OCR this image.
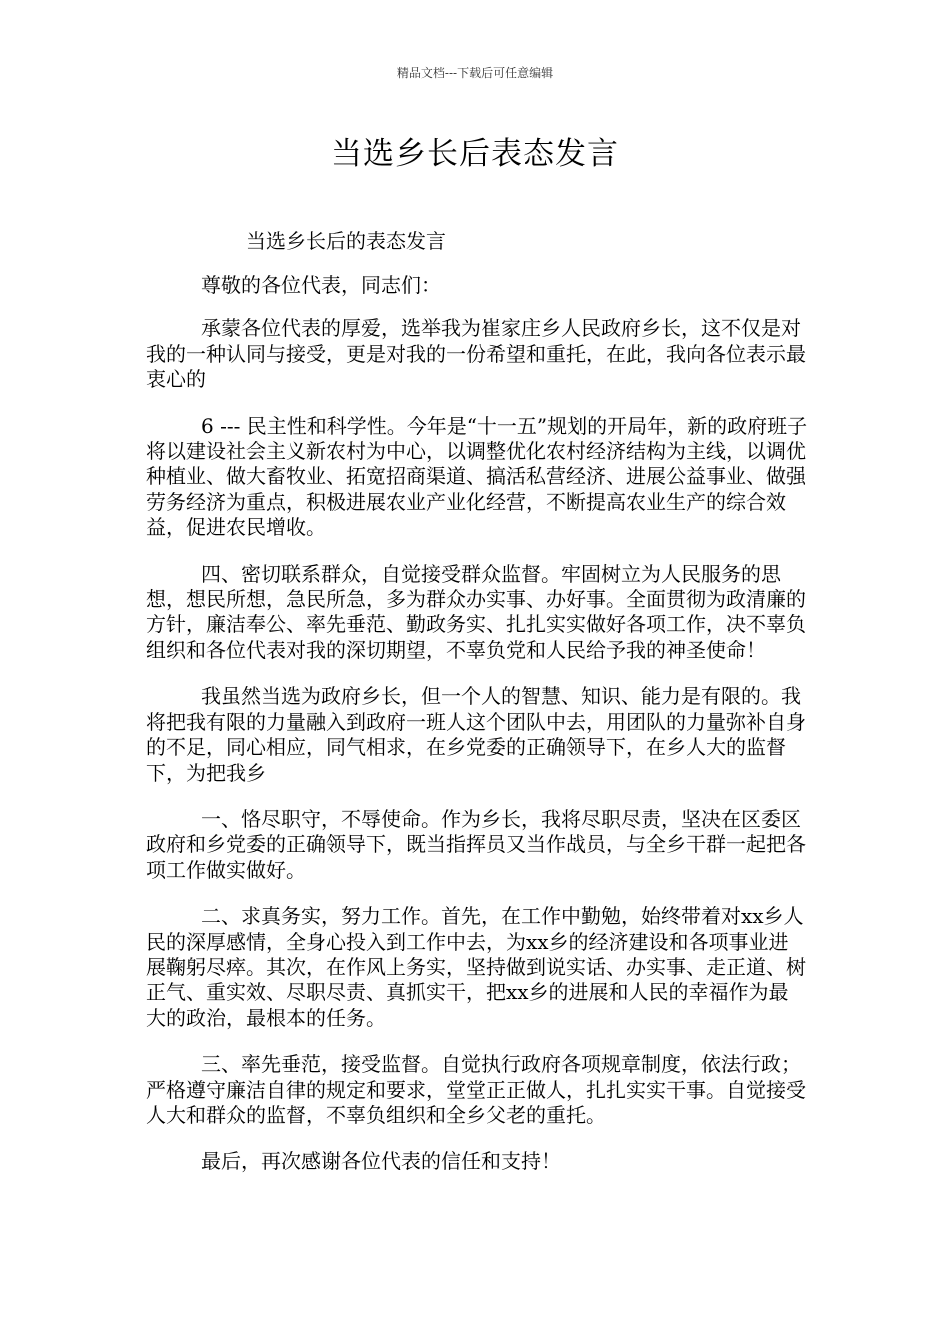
精品文档---下载后可任意编辑
当选乡长后表态发言
当选乡长后的表态发言

尊敬的各位代表，同志们：

承蒙各位代表的厚爱，选举我为崔家庄乡人民政府乡长，这不仅是对我的一种认同与接受，更是对我的一份希望和重托，在此，我向各位表示最衷心的

6 --- 民主性和科学性。今年是“十一五”规划的开局年，新的政府班子将以建设社会主义新农村为中心，以调整优化农村经济结构为主线，以调优种植业、做大畜牧业、拓宽招商渠道、搞活私营经济、进展公益事业、做强劳务经济为重点，积极进展农业产业化经营，不断提高农业生产的综合效益，促进农民增收。

四、密切联系群众，自觉接受群众监督。牢固树立为人民服务的思想，想民所想，急民所急，多为群众办实事、办好事。全面贯彻为政清廉的方针，廉洁奉公、率先垂范、勤政务实、扎扎实实做好各项工作，决不辜负组织和各位代表对我的深切期望，不辜负党和人民给予我的神圣使命！

我虽然当选为政府乡长，但一个人的智慧、知识、能力是有限的。我将把我有限的力量融入到政府一班人这个团队中去，用团队的力量弥补自身的不足，同心相应，同气相求，在乡党委的正确领导下，在乡人大的监督下，为把我乡

一、恪尽职守，不辱使命。作为乡长，我将尽职尽责，坚决在区委区政府和乡党委的正确领导下，既当指挥员又当作战员，与全乡干群一起把各项工作做实做好。

二、求真务实，努力工作。首先，在工作中勤勉，始终带着对xx乡人民的深厚感情，全身心投入到工作中去，为xx乡的经济建设和各项事业进展鞠躬尽瘁。其次，在作风上务实，坚持做到说实话、办实事、走正道、树正气、重实效、尽职尽责、真抓实干，把xx乡的进展和人民的幸福作为最大的政治，最根本的任务。

三、率先垂范，接受监督。自觉执行政府各项规章制度，依法行政；严格遵守廉洁自律的规定和要求，堂堂正正做人，扎扎实实干事。自觉接受人大和群众的监督，不辜负组织和全乡父老的重托。

最后，再次感谢各位代表的信任和支持！
